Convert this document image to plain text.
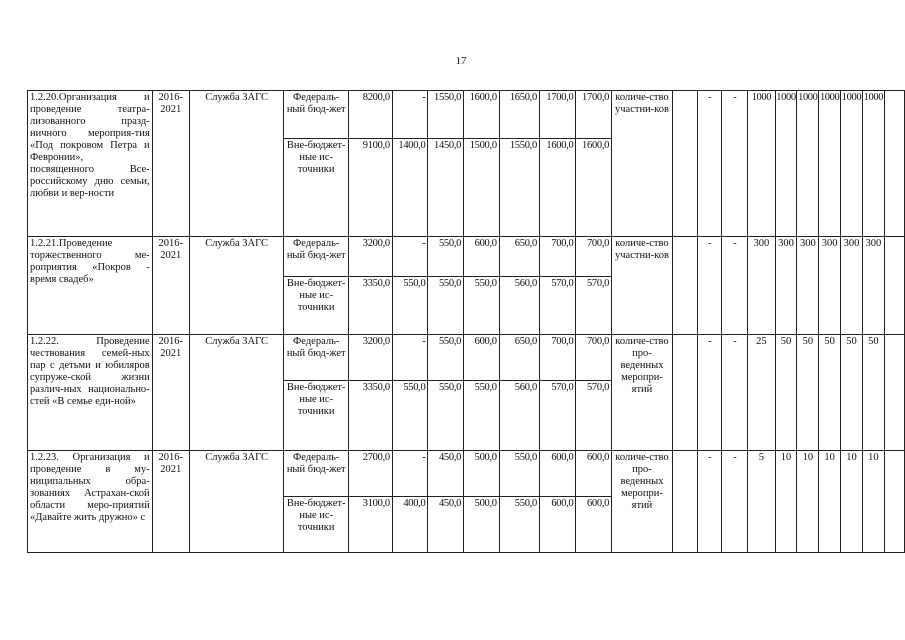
17
1.2.20.Организация и проведение театра-лизованного празд-ничного мероприя-тия «Под покровом Петра и Февронии», посвященного Все-российскому дню семьи, любви и вер-ности	2016-2021	Служба ЗАГС	Федераль-ный бюд-жет	8200,0	-	1550,0	1600,0	1650,0	1700,0	1700,0	количе-ство участни-ков		-	-	1000	1000	1000	1000	1000	1000	
			Вне-бюджет-ные ис-точники	9100,0	1400,0	1450,0	1500,0	1550,0	1600,0	1600,0											
1.2.21.Проведение торжественного ме-роприятия «Покров - время свадеб»	2016-2021	Служба ЗАГС	Федераль-ный бюд-жет	3200,0	-	550,0	600,0	650,0	700,0	700,0	количе-ство участни-ков		-	-	300	300	300	300	300	300	
			Вне-бюджет-ные ис-точники	3350,0	550,0	550,0	550,0	560,0	570,0	570,0											
1.2.22. Проведение чествования семей-ных пар с детьми и юбиляров супруже-ской жизни различ-ных национально-стей «В семье еди-ной»	2016-2021	Служба ЗАГС	Федераль-ный бюд-жет	3200,0	-	550,0	600,0	650,0	700,0	700,0	количе-ство про-веденных меропри-ятий		-	-	25	50	50	50	50	50	
			Вне-бюджет-ные ис-точники	3350,0	550,0	550,0	550,0	560,0	570,0	570,0											
1.2.23. Организация и проведение в му-ниципальных обра-зованиях Астрахан-ской области меро-приятий «Давайте жить дружно» с	2016-2021	Служба ЗАГС	Федераль-ный бюд-жет	2700,0	-	450,0	500,0	550,0	600,0	600,0	количе-ство про-веденных меропри-ятий		-	-	5	10	10	10	10	10	
			Вне-бюджет-ные ис-точники	3100,0	400,0	450,0	500,0	550,0	600,0	600,0											
